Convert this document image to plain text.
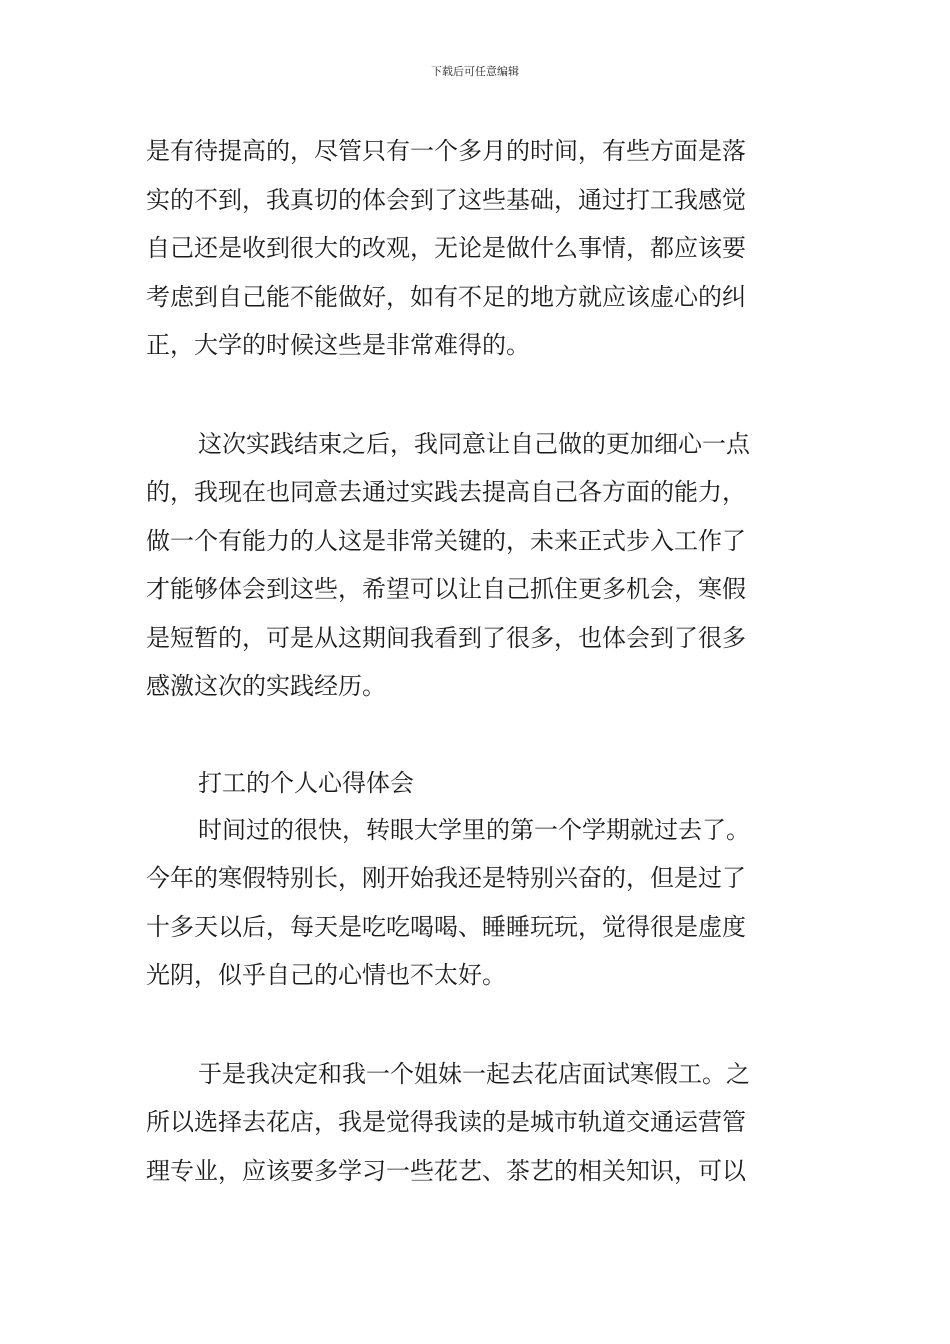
下载后可任意编辑
是有待提高的，尽管只有一个多月的时间，有些方面是落
实的不到，我真切的体会到了这些基础，通过打工我感觉
自己还是收到很大的改观，无论是做什么事情，都应该要
考虑到自己能不能做好，如有不足的地方就应该虚心的纠
正，大学的时候这些是非常难得的。
这次实践结束之后，我同意让自己做的更加细心一点
的，我现在也同意去通过实践去提高自己各方面的能力，
做一个有能力的人这是非常关键的，未来正式步入工作了
才能够体会到这些，希望可以让自己抓住更多机会，寒假
是短暂的，可是从这期间我看到了很多，也体会到了很多
感激这次的实践经历。
打工的个人心得体会
时间过的很快，转眼大学里的第一个学期就过去了。
今年的寒假特别长，刚开始我还是特别兴奋的，但是过了
十多天以后，每天是吃吃喝喝、睡睡玩玩，觉得很是虚度
光阴，似乎自己的心情也不太好。
于是我决定和我一个姐妹一起去花店面试寒假工。之
所以选择去花店，我是觉得我读的是城市轨道交通运营管
理专业，应该要多学习一些花艺、茶艺的相关知识，可以
